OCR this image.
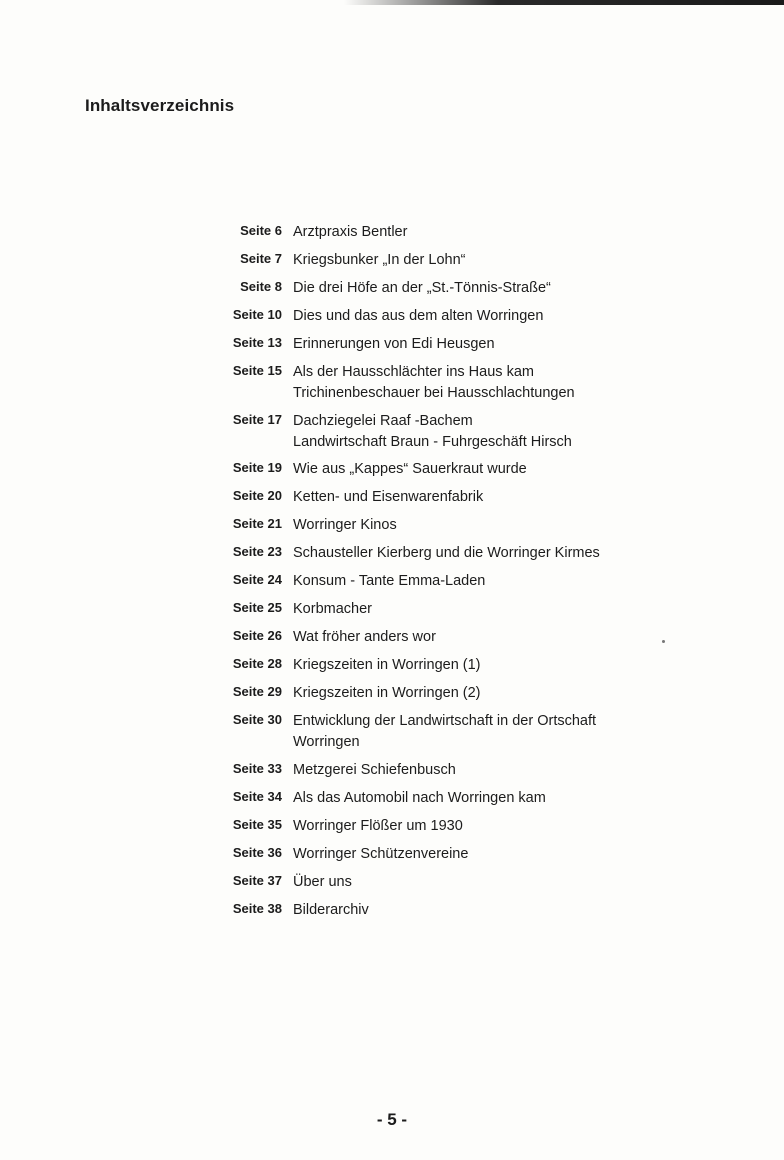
Inhaltsverzeichnis
Seite 6 Arztpraxis Bentler
Seite 7 Kriegsbunker „In der Lohn“
Seite 8 Die drei Höfe an der „St.-Tönnis-Straße“
Seite 10 Dies und das aus dem alten Worringen
Seite 13 Erinnerungen von Edi Heusgen
Seite 15 Als der Hausschlächter ins Haus kam
Trichinenbeschauer bei Hausschlachtungen
Seite 17 Dachziegelei Raaf -Bachem
Landwirtschaft Braun - Fuhrgeschäft Hirsch
Seite 19 Wie aus „Kappes“ Sauerkraut wurde
Seite 20 Ketten- und Eisenwarenfabrik
Seite 21 Worringer Kinos
Seite 23 Schausteller Kierberg und die Worringer Kirmes
Seite 24 Konsum - Tante Emma-Laden
Seite 25 Korbmacher
Seite 26 Wat fröher anders wor
Seite 28 Kriegszeiten in Worringen (1)
Seite 29 Kriegszeiten in Worringen (2)
Seite 30 Entwicklung der Landwirtschaft in der Ortschaft
Worringen
Seite 33 Metzgerei Schiefenbusch
Seite 34 Als das Automobil nach Worringen kam
Seite 35 Worringer Flößer um 1930
Seite 36 Worringer Schützenvereine
Seite 37 Über uns
Seite 38 Bilderarchiv
- 5 -
